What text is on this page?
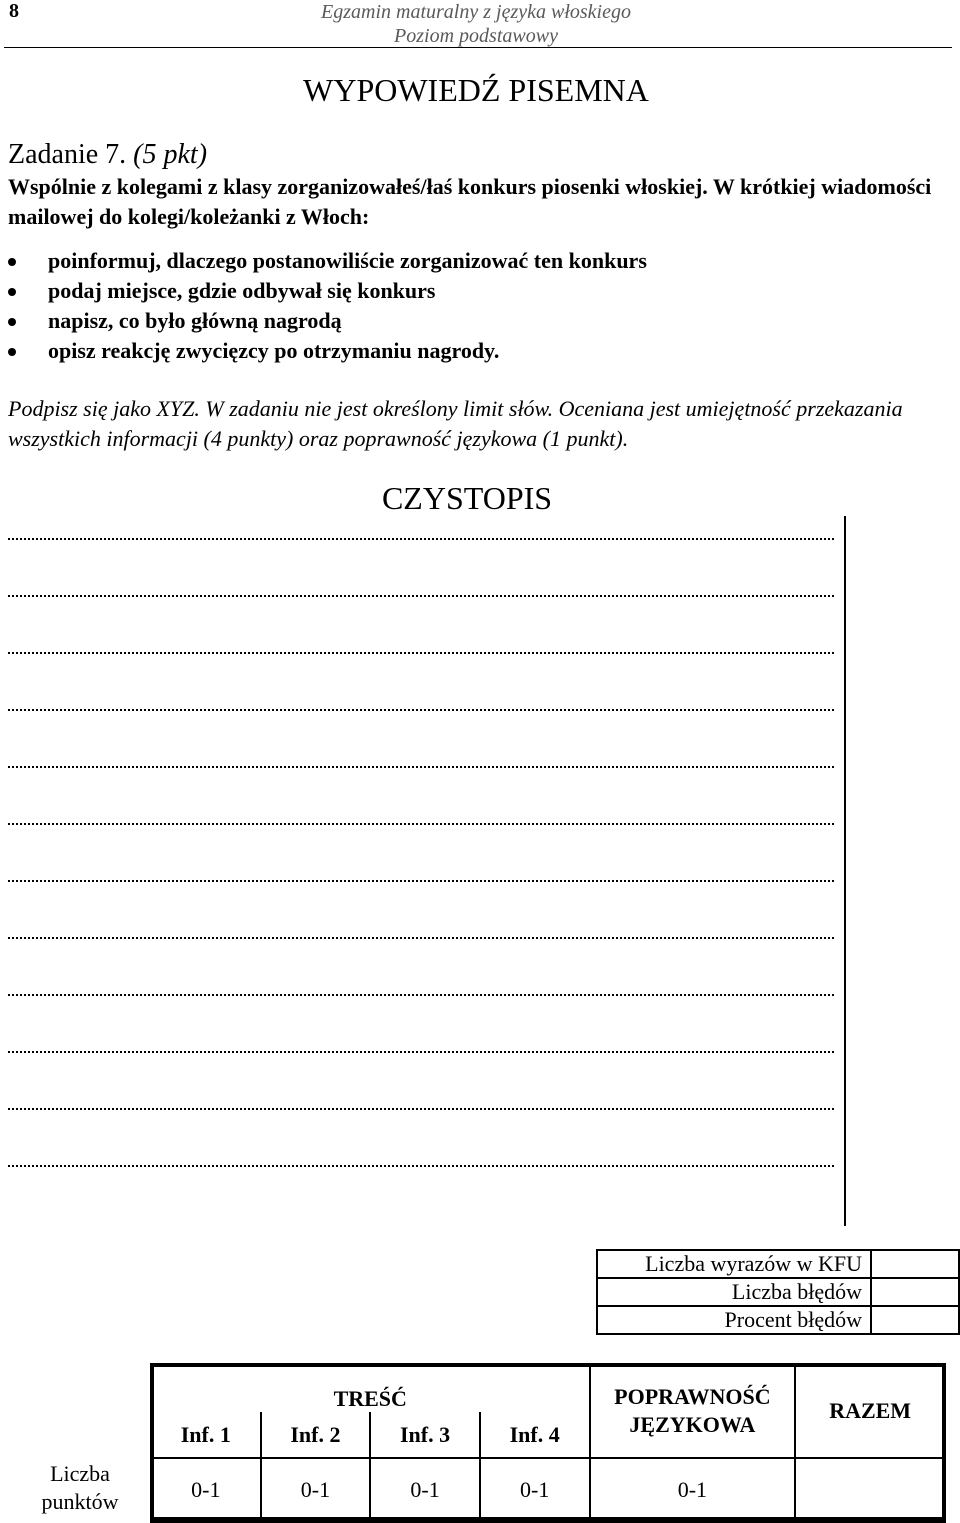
8	Egzamin maturalny z języka włoskiego
Poziom podstawowy
WYPOWIEDŹ PISEMNA
Zadanie 7. (5 pkt)
Wspólnie z kolegami z klasy zorganizowałeś/łaś konkurs piosenki włoskiej. W krótkiej wiadomości mailowej do kolegi/koleżanki z Włoch:
poinformuj, dlaczego postanowiliście zorganizować ten konkurs
podaj miejsce, gdzie odbywał się konkurs
napisz, co było główną nagrodą
opisz reakcję zwycięzcy po otrzymaniu nagrody.
Podpisz się jako XYZ. W zadaniu nie jest określony limit słów. Oceniana jest umiejętność przekazania wszystkich informacji (4 punkty) oraz poprawność językowa (1 punkt).
CZYSTOPIS
Liczba wyrazów w KFU	
Liczba błędów	
Procent błędów	
TREŚĆ				POPRAWNOŚĆ JĘZYKOWA	RAZEM
Inf. 1	Inf. 2	Inf. 3	Inf. 4		
0-1	0-1	0-1	0-1	0-1	
Liczba punktów
